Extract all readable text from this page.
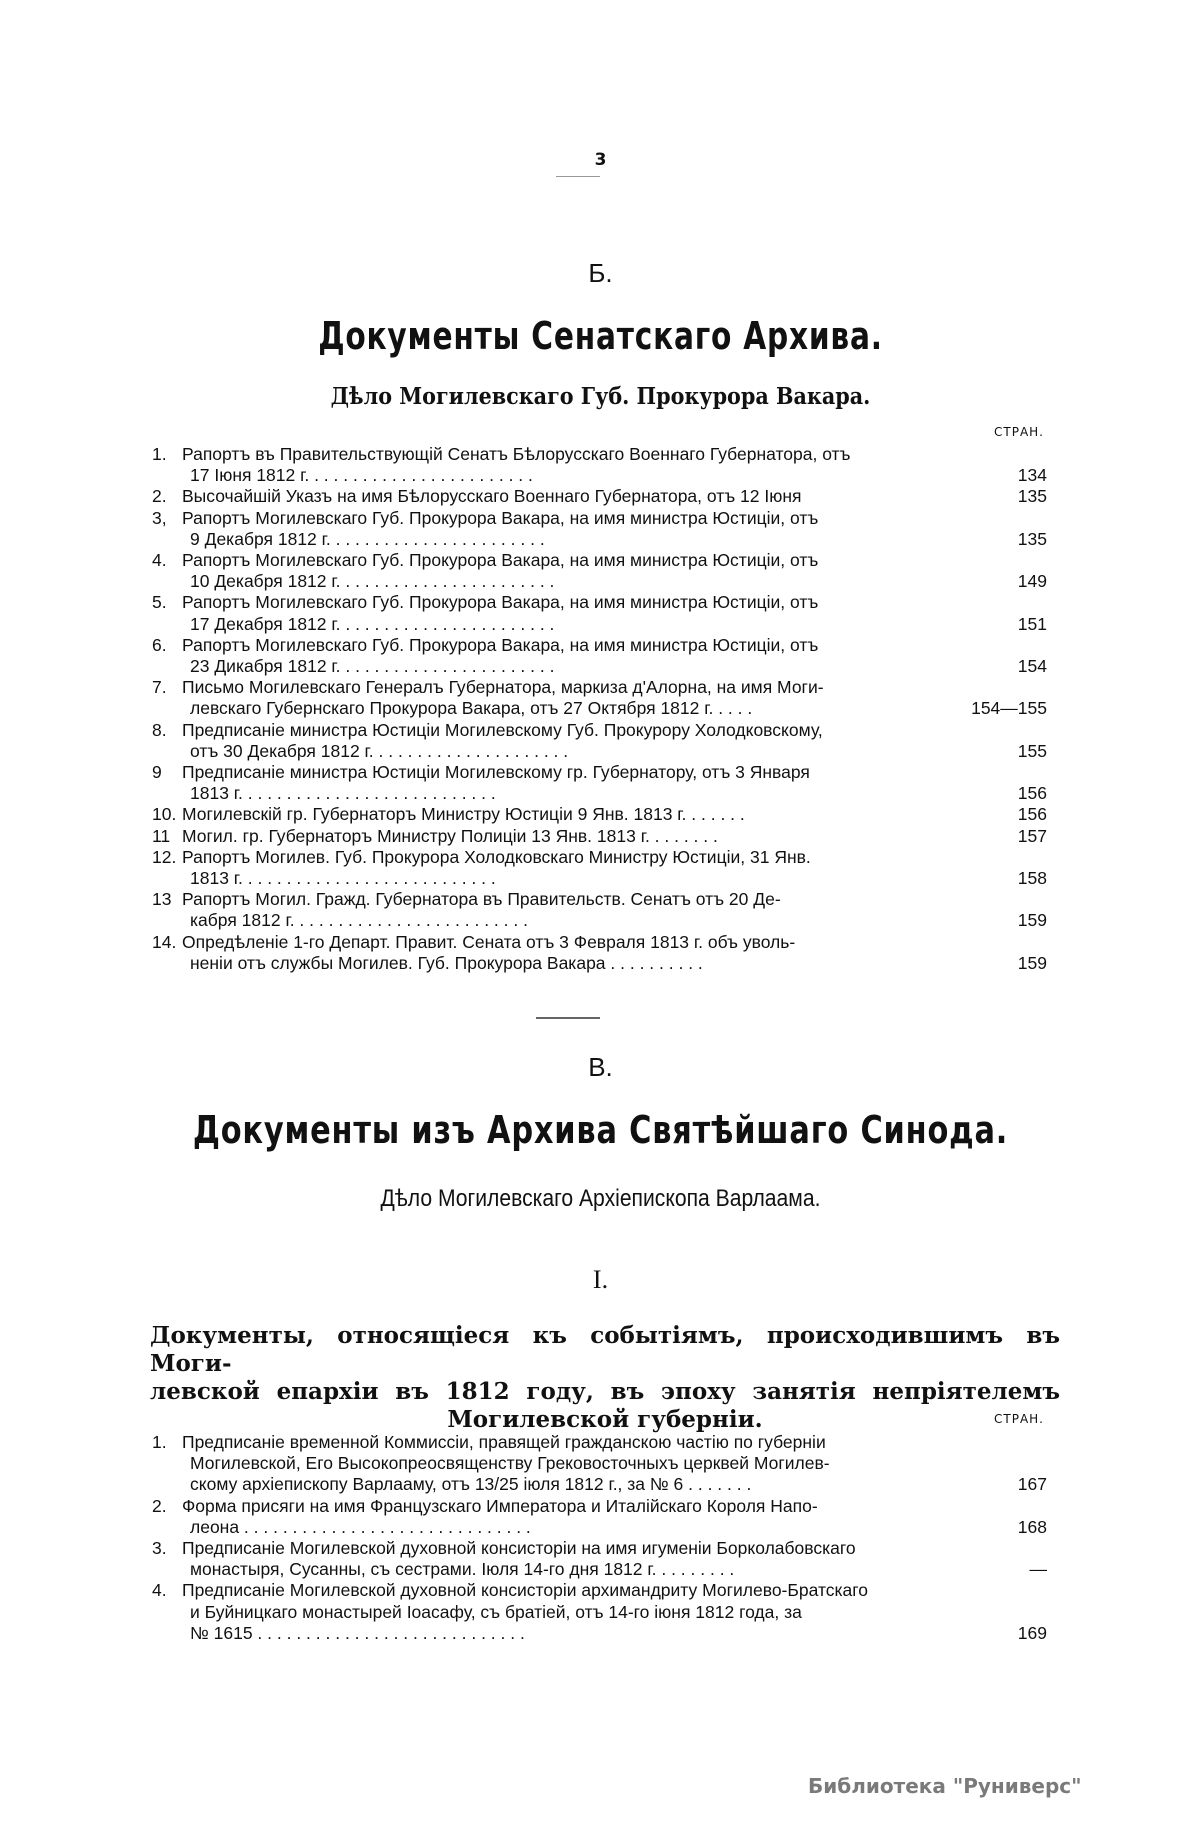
3
Б.
Документы Сенатскаго Архива.
Дѣло Могилевскаго Губ. Прокурора Вакара.
СТРАН.
1. Рапортъ въ Правительствующій Сенатъ Бѣлорусскаго Военнаго Губернатора, отъ
17 Іюня 1812 г. . . . . . . . . . . . . . . . . . . . . . . .	134
2. Высочайшій Указъ на имя Бѣлорусскаго Военнаго Губернатора, отъ 12 Іюня	135
3, Рапортъ Могилевскаго Губ. Прокурора Вакара, на имя министра Юстиціи, отъ
9 Декабря 1812 г. . . . . . . . . . . . . . . . . . . . . . .	135
4. Рапортъ Могилевскаго Губ. Прокурора Вакара, на имя министра Юстиціи, отъ
10 Декабря 1812 г. . . . . . . . . . . . . . . . . . . . . . .	149
5. Рапортъ Могилевскаго Губ. Прокурора Вакара, на имя министра Юстиціи, отъ
17 Декабря 1812 г. . . . . . . . . . . . . . . . . . . . . . .	151
6. Рапортъ Могилевскаго Губ. Прокурора Вакара, на имя министра Юстиціи, отъ
23 Дикабря 1812 г. . . . . . . . . . . . . . . . . . . . . . .	154
7. Письмо Могилевскаго Генералъ Губернатора, маркиза д'Алорна, на имя Моги-
левскаго Губернскаго Прокурора Вакара, отъ 27 Октября 1812 г. . . . .	154—155
8. Предписаніе министра Юстиціи Могилевскому Губ. Прокурору Холодковскому,
отъ 30 Декабря 1812 г. . . . . . . . . . . . . . . . . . . . .	155
9	Предписаніе министра Юстиціи Могилевскому гр. Губернатору, отъ 3 Января
1813 г. . . . . . . . . . . . . . . . . . . . . . . . . . .	156
10. Могилевскій гр. Губернаторъ Министру Юстиціи 9 Янв. 1813 г. . . . . . .	156
11 Могил. гр. Губернаторъ Министру Полиціи 13 Янв. 1813 г. . . . . . . .	157
12. Рапортъ Могилев. Губ. Прокурора Холодковскаго Министру Юстиціи, 31 Янв.
1813 г. . . . . . . . . . . . . . . . . . . . . . . . . . .	158
13 Рапортъ Могил. Гражд. Губернатора въ Правительств. Сенатъ отъ 20 Де-
кабря 1812 г. . . . . . . . . . . . . . . . . . . . . . . . .	159
14. Опредѣленіе 1-го Департ. Правит. Сената отъ 3 Февраля 1813 г. объ уволь-
неніи отъ службы Могилев. Губ. Прокурора Вакара . . . . . . . . . .	159
В.
Документы изъ Архива Святѣйшаго Синода.
Дѣло Могилевскаго Архіепископа Варлаама.
I.
Документы, относящіеся къ событіямъ, происходившимъ въ Моги-
левской епархіи въ 1812 году, въ эпоху занятія непріятелемъ
Могилевской губерніи.	СТРАН.
1. Предписаніе временной Коммиссіи, правящей гражданскою частію по губерніи
Могилевской, Его Высокопреосвященству Грековосточныхъ церквей Могилев-
скому архіепископу Варлааму, отъ 13/25 іюля 1812 г., за № 6 . . . . . . .	167
2. Форма присяги на имя Французскаго Императора и Италійскаго Короля Напо-
леона . . . . . . . . . . . . . . . . . . . . . . . . . . . . . .	168
3. Предписаніе Могилевской духовной консисторіи на имя игуменіи Борколабовскаго
монастыря, Сусанны, съ сестрами. Іюля 14-го дня 1812 г. . . . . . . . .	—
4. Предписаніе Могилевской духовной консисторіи архимандриту Могилево-Братскаго
и Буйницкаго монастырей Іоасафу, съ братіей, отъ 14-го іюня 1812 года, за
№ 1615 . . . . . . . . . . . . . . . . . . . . . . . . . . . .	169
Библиотека "Руниверс"
